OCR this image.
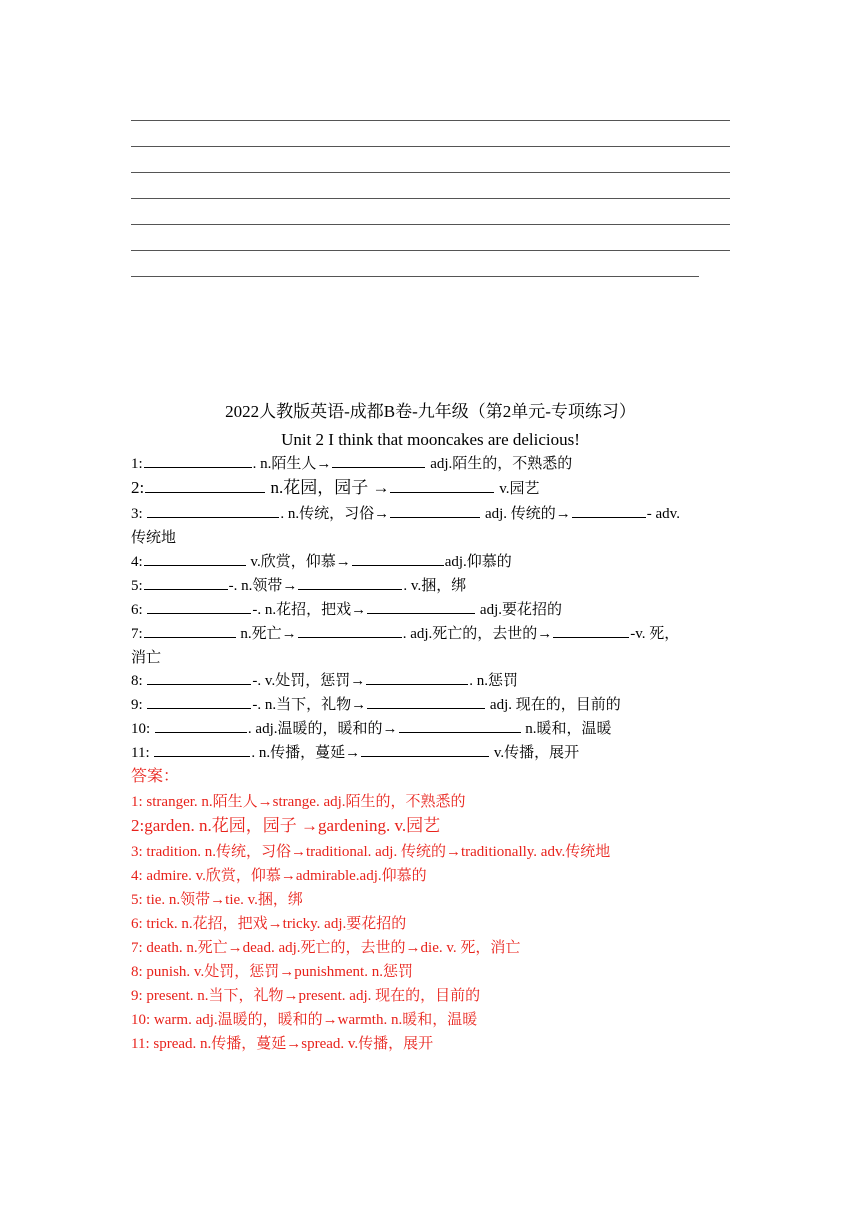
2022人教版英语-成都B卷-九年级（第2单元-专项练习）
Unit 2 I think that mooncakes are delicious!
1:	. n.陌生人→	adj.陌生的，不熟悉的
2:	n.花园，园子 →	v.园艺
3:	. n.传统，习俗→	adj. 传统的→	- adv.
传统地
4:	v.欣赏，仰慕→	adj.仰慕的
5:	-. n.领带→	. v.捆，绑
6:	-. n.花招，把戏→	adj.要花招的
7:	n.死亡→	. adj.死亡的，去世的→	-v. 死，
消亡
8:	-. v.处罚，惩罚→	. n.惩罚
9:	-. n.当下，礼物→	adj. 现在的，目前的
10:	. adj.温暖的，暖和的→	n.暖和，温暖
11:	. n.传播，蔓延→	v.传播，展开
答案：
1: stranger. n.陌生人→strange. adj.陌生的，不熟悉的
2:garden. n.花园，园子 →gardening. v.园艺
3: tradition. n.传统，习俗→traditional. adj. 传统的→traditionally. adv.传统地
4: admire. v.欣赏，仰慕→admirable.adj.仰慕的
5: tie. n.领带→tie. v.捆，绑
6: trick. n.花招，把戏→tricky. adj.要花招的
7: death. n.死亡→dead. adj.死亡的，去世的→die. v. 死，消亡
8: punish. v.处罚，惩罚→punishment. n.惩罚
9: present. n.当下，礼物→present. adj. 现在的，目前的
10: warm. adj.温暖的，暖和的→warmth. n.暖和，温暖
11: spread. n.传播，蔓延→spread. v.传播，展开
